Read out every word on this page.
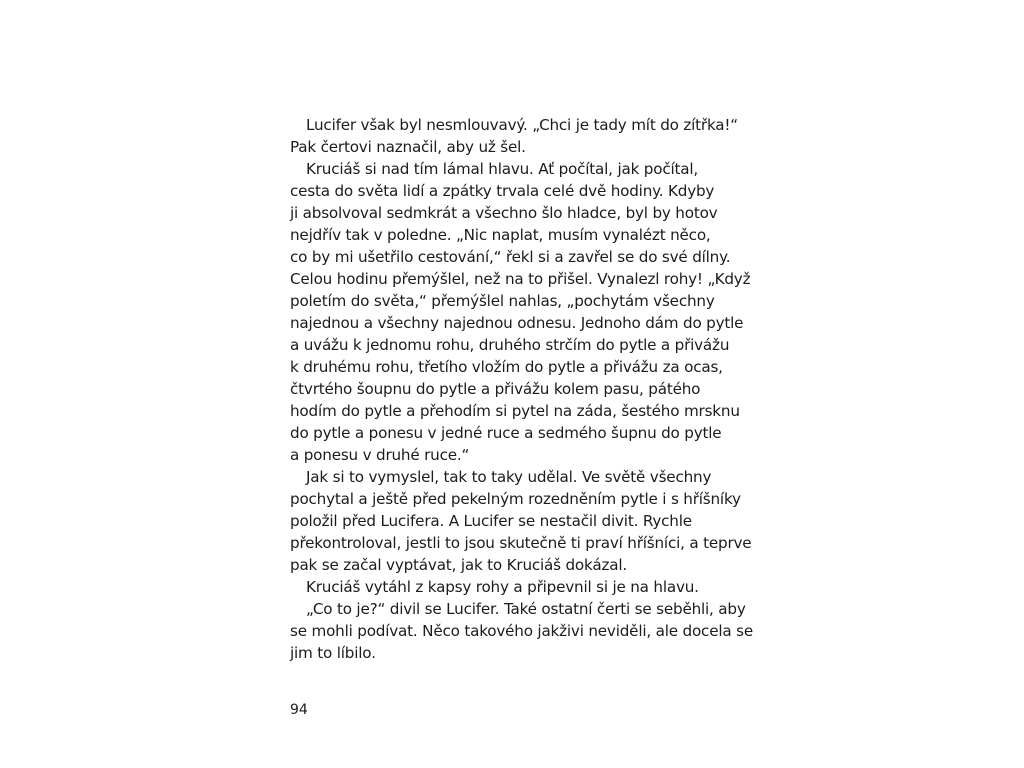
Lucifer však byl nesmlouvavý. „Chci je tady mít do zítřka!“
Pak čertovi naznačil, aby už šel.
Kruciáš si nad tím lámal hlavu. Ať počítal, jak počítal,
cesta do světa lidí a zpátky trvala celé dvě hodiny. Kdyby
ji absolvoval sedmkrát a všechno šlo hladce, byl by hotov
nejdřív tak v poledne. „Nic naplat, musím vynalézt něco,
co by mi ušetřilo cestování,“ řekl si a zavřel se do své dílny.
Celou hodinu přemýšlel, než na to přišel. Vynalezl rohy! „Když
poletím do světa,“ přemýšlel nahlas, „pochytám všechny
najednou a všechny najednou odnesu. Jednoho dám do pytle
a uvážu k jednomu rohu, druhého strčím do pytle a přivážu
k druhému rohu, třetího vložím do pytle a přivážu za ocas,
čtvrtého šoupnu do pytle a přivážu kolem pasu, pátého
hodím do pytle a přehodím si pytel na záda, šestého mrsknu
do pytle a ponesu v jedné ruce a sedmého šupnu do pytle
a ponesu v druhé ruce.“
Jak si to vymyslel, tak to taky udělal. Ve světě všechny
pochytal a ještě před pekelným rozedněním pytle i s hříšníky
položil před Lucifera. A Lucifer se nestačil divit. Rychle
překontroloval, jestli to jsou skutečně ti praví hříšníci, a teprve
pak se začal vyptávat, jak to Kruciáš dokázal.
Kruciáš vytáhl z kapsy rohy a připevnil si je na hlavu.
„Co to je?“ divil se Lucifer. Také ostatní čerti se seběhli, aby
se mohli podívat. Něco takového jakživi neviděli, ale docela se
jim to líbilo.
94
